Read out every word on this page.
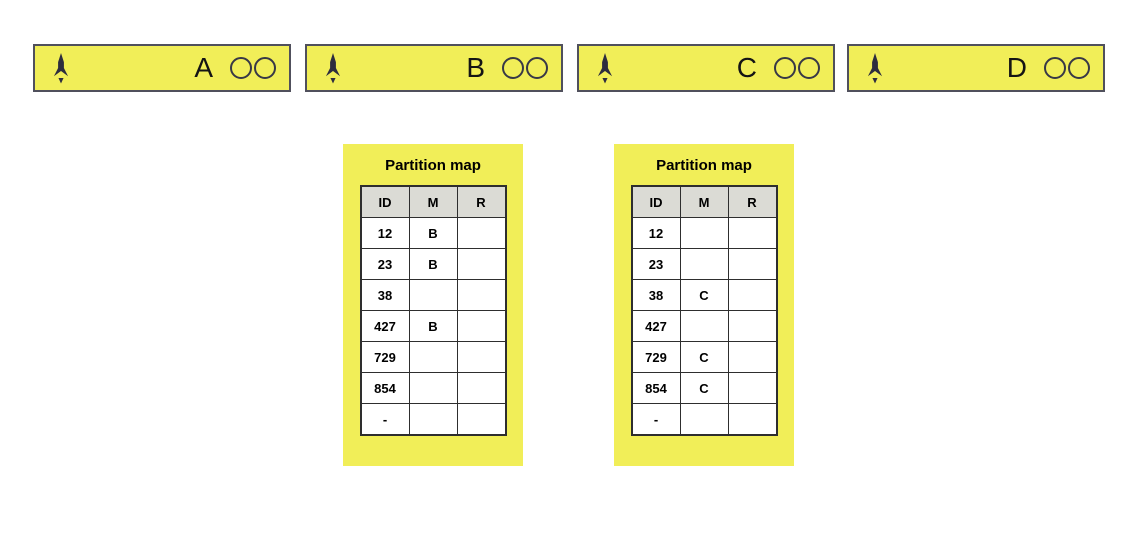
A	B	C	D
Partition map
ID	M	R
12	B	
23	B	
38		
427	B	
729		
854		
-		
Partition map
ID	M	R
12		
23		
38	C	
427		
729	C	
854	C	
-		
